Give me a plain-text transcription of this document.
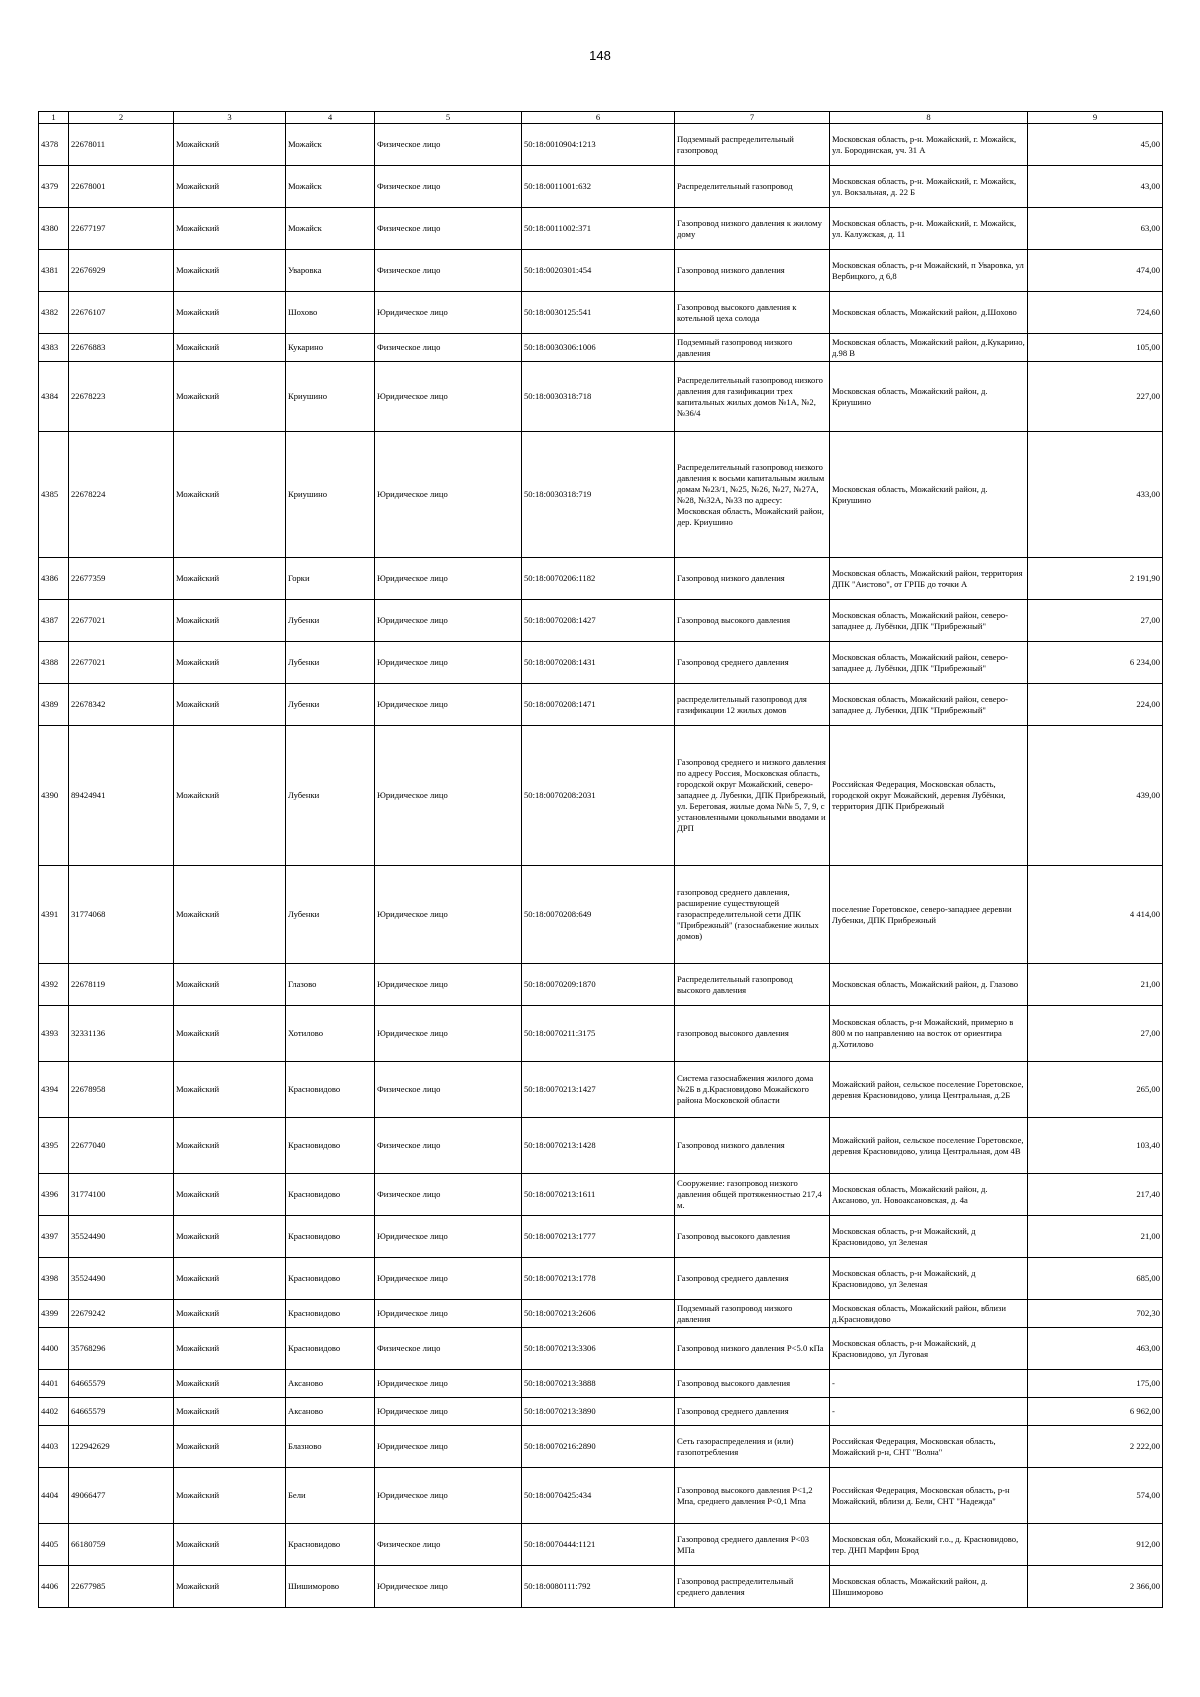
148
1	2	3	4	5	6	7	8	9
4378	22678011	Можайский	Можайск	Физическое лицо	50:18:0010904:1213	Подземный распределительный газопровод	Московская область, р-н. Можайский, г. Можайск, ул. Бородинская, уч. 31 А	45,00
4379	22678001	Можайский	Можайск	Физическое лицо	50:18:0011001:632	Распределительный газопровод	Московская область, р-н. Можайский, г. Можайск, ул. Вокзальная, д. 22 Б	43,00
4380	22677197	Можайский	Можайск	Физическое лицо	50:18:0011002:371	Газопровод низкого давления к жилому дому	Московская область, р-н. Можайский, г. Можайск, ул. Калужская, д. 11	63,00
4381	22676929	Можайский	Уваровка	Физическое лицо	50:18:0020301:454	Газопровод низкого давления	Московская область, р-н Можайский, п Уваровка, ул Вербицкого, д 6,8	474,00
4382	22676107	Можайский	Шохово	Юридическое лицо	50:18:0030125:541	Газопровод высокого давления к котельной цеха солода	Московская область, Можайский район, д.Шохово	724,60
4383	22676883	Можайский	Кукарино	Физическое лицо	50:18:0030306:1006	Подземный газопровод низкого давления	Московская область, Можайский район, д.Кукарино, д.98 В	105,00
4384	22678223	Можайский	Криушино	Юридическое лицо	50:18:0030318:718	Распределительный газопровод низкого давления для газификации трех капитальных жилых домов №1А, №2, №36/4	Московская область, Можайский район, д. Криушино	227,00
4385	22678224	Можайский	Криушино	Юридическое лицо	50:18:0030318:719	Распределительный газопровод низкого давления к восьми капитальным жилым домам №23/1, №25, №26, №27, №27А, №28, №32А, №33 по адресу: Московская область, Можайский район, дер. Криушино	Московская область, Можайский район, д. Криушино	433,00
4386	22677359	Можайский	Горки	Юридическое лицо	50:18:0070206:1182	Газопровод низкого давления	Московская область, Можайский район, территория ДПК "Аистово", от ГРПБ до точки А	2 191,90
4387	22677021	Можайский	Лубенки	Юридическое лицо	50:18:0070208:1427	Газопровод высокого давления	Московская область, Можайский район, северо-западнее д. Лубёнки, ДПК "Прибрежный"	27,00
4388	22677021	Можайский	Лубенки	Юридическое лицо	50:18:0070208:1431	Газопровод среднего давления	Московская область, Можайский район, северо-западнее д. Лубёнки, ДПК "Прибрежный"	6 234,00
4389	22678342	Можайский	Лубенки	Юридическое лицо	50:18:0070208:1471	распределительный газопровод для газификации 12 жилых домов	Московская область, Можайский район, северо-западнее д. Лубенки, ДПК "Прибрежный"	224,00
4390	89424941	Можайский	Лубенки	Юридическое лицо	50:18:0070208:2031	Газопровод среднего и низкого давления по адресу Россия, Московская область, городской округ Можайский, северо-западнее д. Лубенки, ДПК Прибрежный, ул. Береговая, жилые дома №№ 5, 7, 9, с установленными цокольными вводами и ДРП	Российская Федерация, Московская область, городской округ Можайский, деревня Лубёнки, территория ДПК Прибрежный	439,00
4391	31774068	Можайский	Лубенки	Юридическое лицо	50:18:0070208:649	газопровод среднего давления, расширение существующей газораспределительной сети ДПК "Прибрежный" (газоснабжение жилых домов)	поселение Горетовское, северо-западнее деревни Лубенки, ДПК Прибрежный	4 414,00
4392	22678119	Можайский	Глазово	Юридическое лицо	50:18:0070209:1870	Распределительный газопровод высокого давления	Московская область, Можайский район, д. Глазово	21,00
4393	32331136	Можайский	Хотилово	Юридическое лицо	50:18:0070211:3175	газопровод высокого давления	Московская область, р-н Можайский, примерно в 800 м по направлению на восток от ориентира д.Хотилово	27,00
4394	22678958	Можайский	Красновидово	Физическое лицо	50:18:0070213:1427	Система газоснабжения жилого дома №2Б в д.Красновидово Можайского района Московской области	Можайский район, сельское поселение Горетовское, деревня Красновидово, улица Центральная, д.2Б	265,00
4395	22677040	Можайский	Красновидово	Физическое лицо	50:18:0070213:1428	Газопровод низкого давления	Можайский район, сельское поселение Горетовское, деревня Красновидово, улица Центральная, дом 4В	103,40
4396	31774100	Можайский	Красновидово	Физическое лицо	50:18:0070213:1611	Сооружение: газопровод низкого давления общей протяженностью 217,4 м.	Московская область, Можайский район, д. Аксаново, ул. Новоаксановская, д. 4а	217,40
4397	35524490	Можайский	Красновидово	Юридическое лицо	50:18:0070213:1777	Газопровод высокого давления	Московская область, р-н Можайский, д Красновидово, ул Зеленая	21,00
4398	35524490	Можайский	Красновидово	Юридическое лицо	50:18:0070213:1778	Газопровод среднего давления	Московская область, р-н Можайский, д Красновидово, ул Зеленая	685,00
4399	22679242	Можайский	Красновидово	Юридическое лицо	50:18:0070213:2606	Подземный газопровод низкого давления	Московская область, Можайский район, вблизи д.Красновидово	702,30
4400	35768296	Можайский	Красновидово	Физическое лицо	50:18:0070213:3306	Газопровод низкого давления Р<5.0 кПа	Московская область, р-н Можайский, д Красновидово, ул Луговая	463,00
4401	64665579	Можайский	Аксаново	Юридическое лицо	50:18:0070213:3888	Газопровод высокого давления	-	175,00
4402	64665579	Можайский	Аксаново	Юридическое лицо	50:18:0070213:3890	Газопровод среднего давления	-	6 962,00
4403	122942629	Можайский	Блазново	Юридическое лицо	50:18:0070216:2890	Сеть газораспределения и (или) газопотребления	Российская Федерация, Московская область, Можайский р-н, СНТ "Волна"	2 222,00
4404	49066477	Можайский	Бели	Юридическое лицо	50:18:0070425:434	Газопровод высокого давления Р<1,2 Мпа, среднего давления Р<0,1 Мпа	Российская Федерация, Московская область, р-н Можайский, вблизи д. Бели, СНТ "Надежда"	574,00
4405	66180759	Можайский	Красновидово	Физическое лицо	50:18:0070444:1121	Газопровод среднего давления Р<03 МПа	Московская обл, Можайский г.о., д. Красновидово, тер. ДНП Марфин Брод	912,00
4406	22677985	Можайский	Шишиморово	Юридическое лицо	50:18:0080111:792	Газопровод распределительный среднего давления	Московская область, Можайский район, д. Шишиморово	2 366,00
